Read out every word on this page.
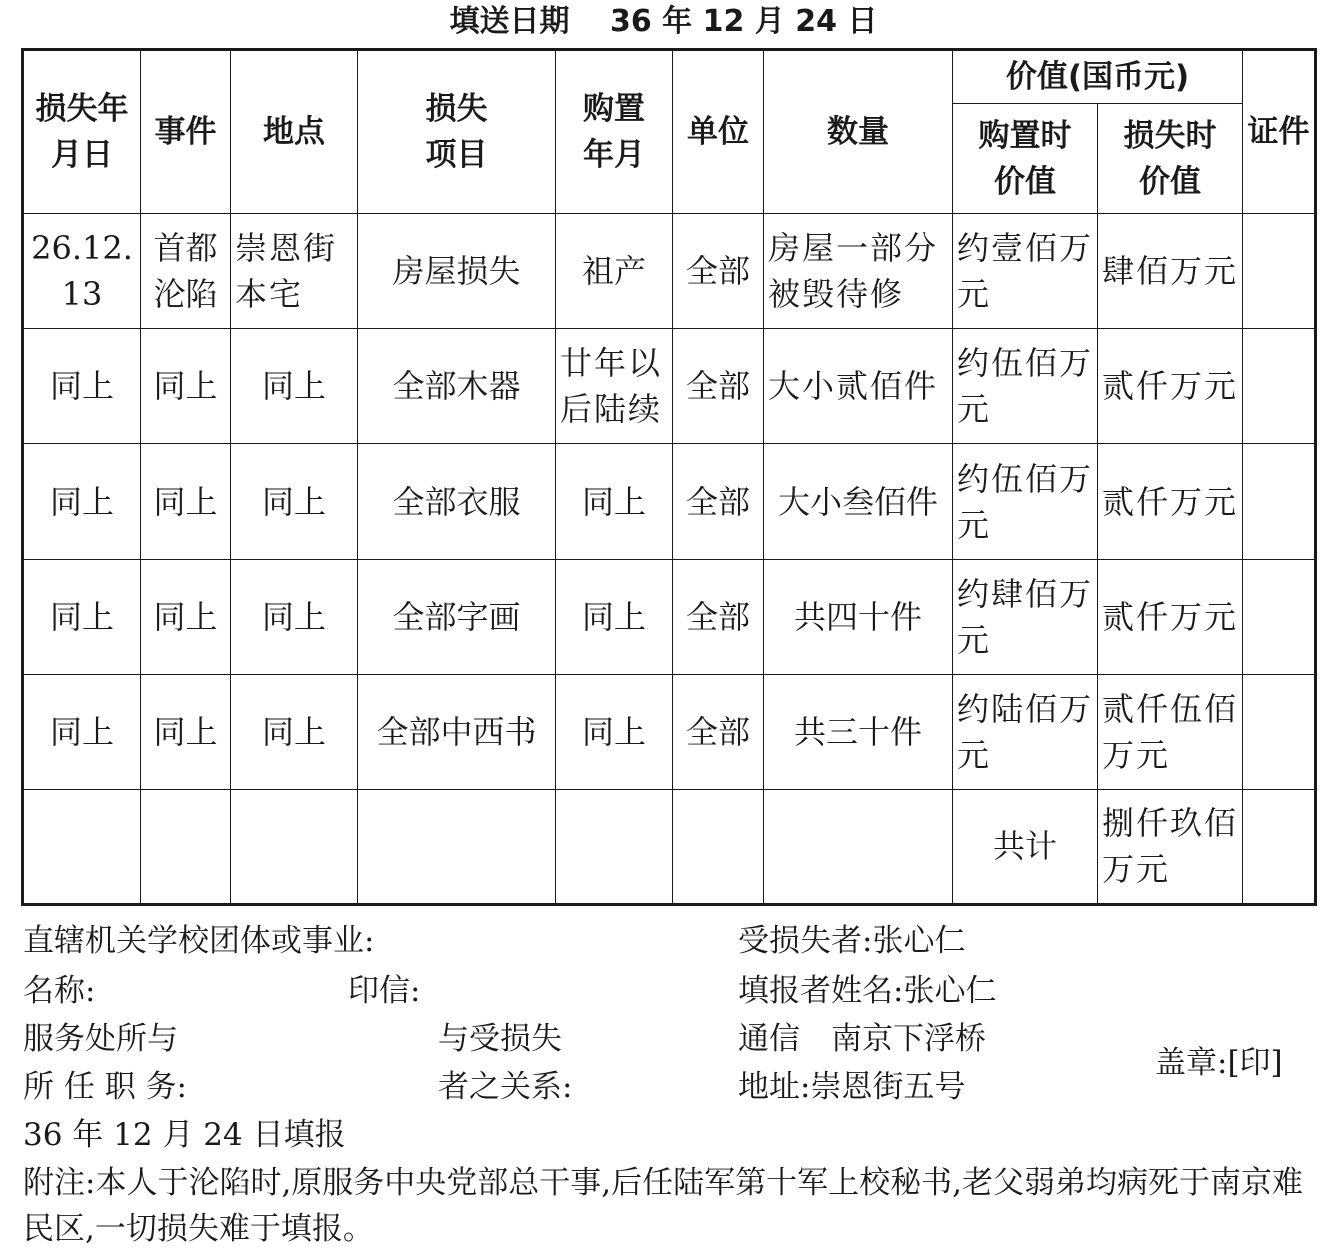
填送日期　 36 年 12 月 24 日
损失年月日	事件	地点	损失项目	购置年月	单位	数量	价值(国币元)		证件
							购置时价值	损失时价值	
26.12.13	首都沦陷	崇恩街本宅	房屋损失	祖产	全部	房屋一部分被毁待修	约壹佰万元	肆佰万元	

同上	同上	同上	全部木器	廿年以后陆续	全部	大小贰佰件	约伍佰万元	贰仟万元	

同上	同上	同上	全部衣服	同上	全部	大小叁佰件	约伍佰万元	贰仟万元	

同上	同上	同上	全部字画	同上	全部	共四十件	约肆佰万元	贰仟万元	

同上	同上	同上	全部中西书	同上	全部	共三十件	约陆佰万元	贰仟伍佰万元	

							共计	捌仟玖佰万元	

直辖机关学校团体或事业:
名称:	印信:
服务处所与
所 任 职 务:
与受损失
者之关系:
受损失者:张心仁
填报者姓名:张心仁
通信　南京下浮桥
地址:崇恩街五号
盖章:[印]
36 年 12 月 24 日填报
附注:本人于沦陷时,原服务中央党部总干事,后任陆军第十军上校秘书,老父弱弟均病死于南京难民区,一切损失难于填报。
